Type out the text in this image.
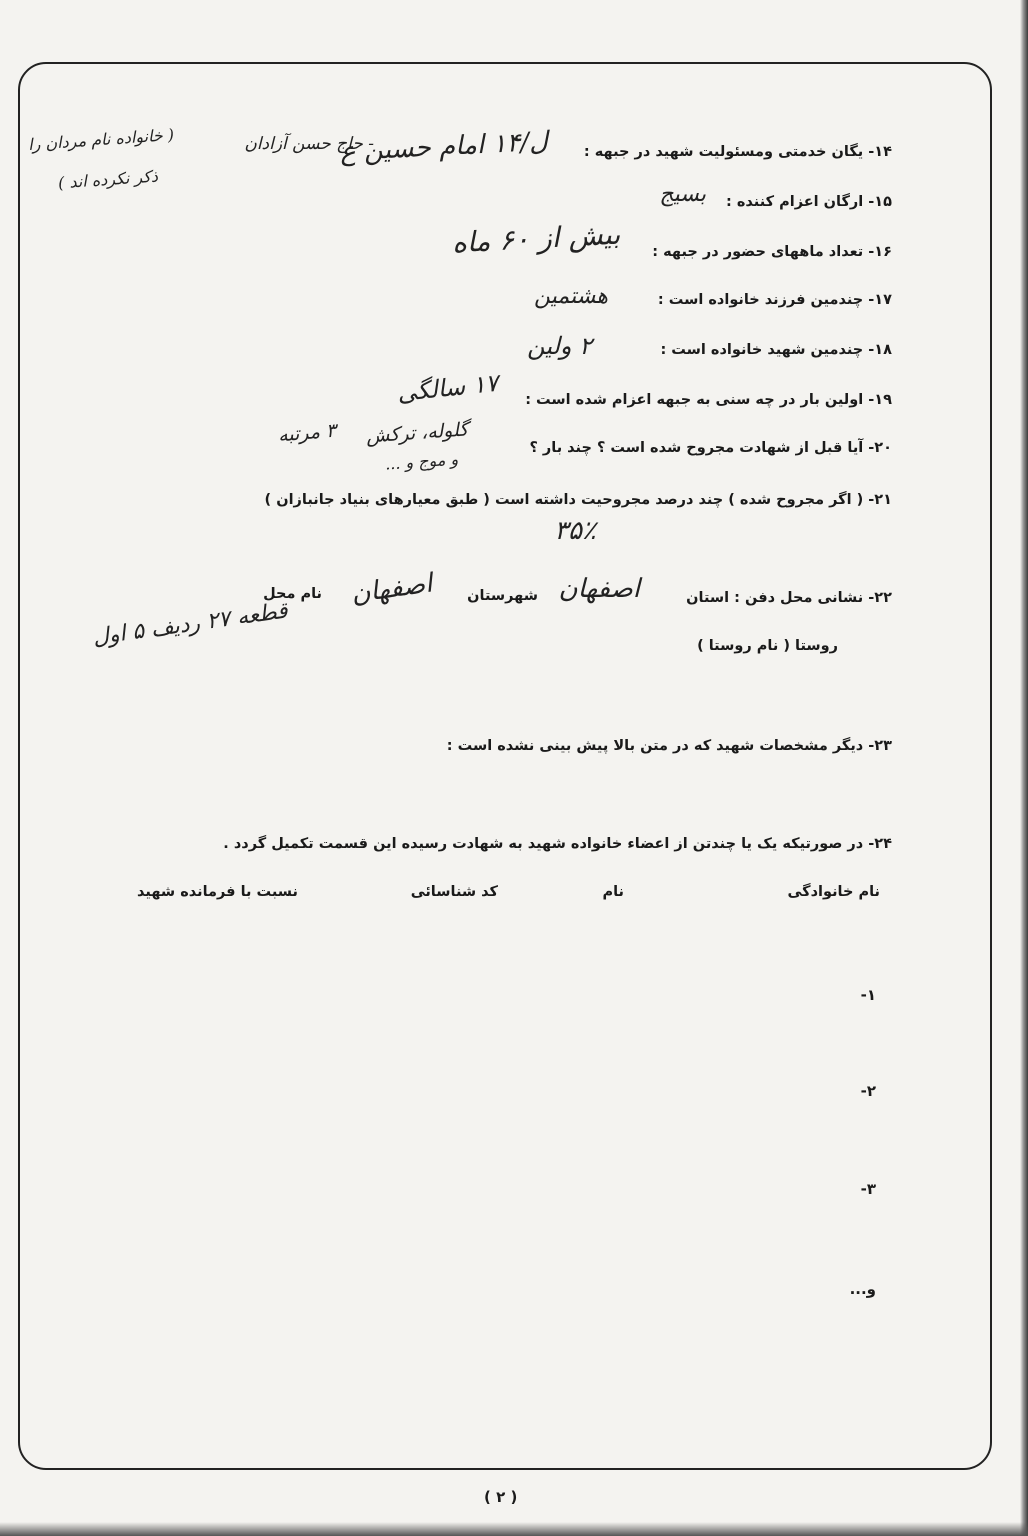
۱۴- یگان خدمتی ومسئولیت شهید در جبهه :
۱۵- ارگان اعزام کننده :
۱۶- تعداد ماههای حضور در جبهه :
۱۷- چندمین فرزند خانواده است :
۱۸- چندمین شهید خانواده است :
۱۹- اولین بار در چه سنی به جبهه اعزام شده است :
۲۰- آیا قبل از شهادت مجروح شده است ؟ چند بار ؟
۲۱- ( اگر مجروح شده ) چند درصد مجروحیت داشته است ( طبق معیارهای بنیاد جانبازان )
۲۲- نشانی محل دفن : استان
شهرستان
نام محل
روستا ( نام روستا )
۲۳- دیگر مشخصات شهید که در متن بالا پیش بینی نشده است :
۲۴- در صورتیکه یک یا چندتن از اعضاء خانواده شهید به شهادت رسیده این قسمت تکمیل گردد .
نام خانوادگی
نام
کد شناسائی
نسبت با فرمانده شهید
۱-
۲-
۳-
و...
ل/۱۴ امام حسین ع
- حاج حسن آزادان
( خانواده نام مردان را
ذکر نکرده اند )
بسیج
بیش از ۶۰ ماه
هشتمین
۲ ولین
۱۷ سالگی
گلوله، ترکش
و موج و ...
۳ مرتبه
۳۵٪
اصفهان
اصفهان
قطعه ۲۷ ردیف ۵ اول
( ۲ )
